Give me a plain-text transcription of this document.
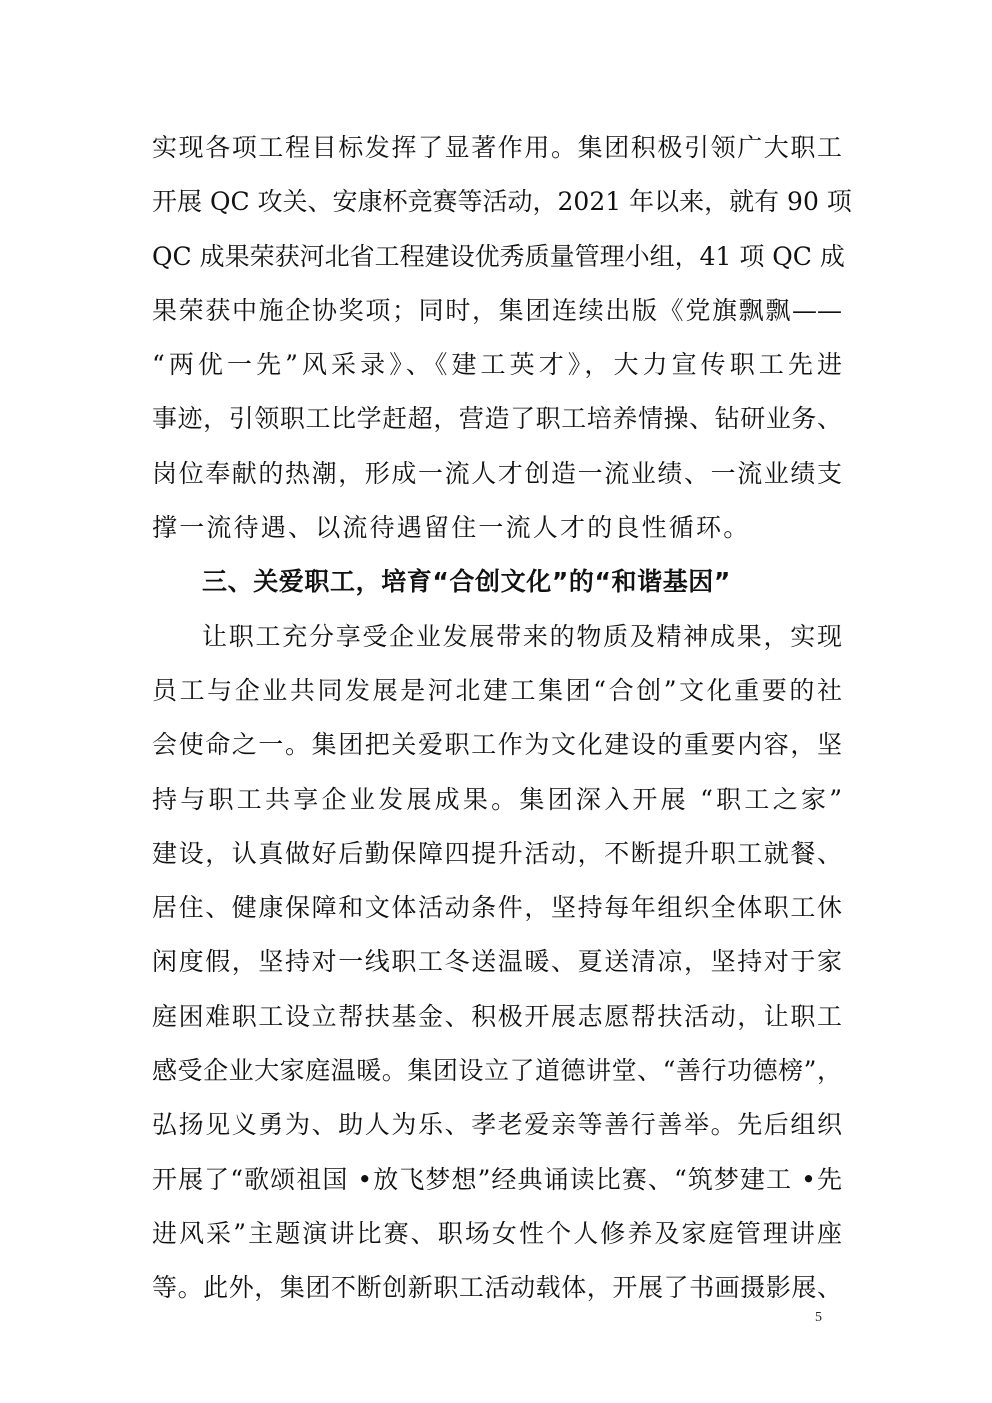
实现各项工程目标发挥了显著作用。集团积极引领广大职工
开展 QC 攻关、安康杯竞赛等活动，2021 年以来，就有 90 项
QC 成果荣获河北省工程建设优秀质量管理小组，41 项 QC 成
果荣获中施企协奖项；同时，集团连续出版《党旗飘飘——
“两优一先”风采录》、《建工英才》，大力宣传职工先进
事迹，引领职工比学赶超，营造了职工培养情操、钻研业务、
岗位奉献的热潮，形成一流人才创造一流业绩、一流业绩支
撑一流待遇、以流待遇留住一流人才的良性循环。
三、关爱职工，培育“合创文化”的“和谐基因”
让职工充分享受企业发展带来的物质及精神成果，实现
员工与企业共同发展是河北建工集团“合创”文化重要的社
会使命之一。集团把关爱职工作为文化建设的重要内容，坚
持与职工共享企业发展成果。集团深入开展 “职工之家”
建设，认真做好后勤保障四提升活动，不断提升职工就餐、
居住、健康保障和文体活动条件，坚持每年组织全体职工休
闲度假，坚持对一线职工冬送温暖、夏送清凉，坚持对于家
庭困难职工设立帮扶基金、积极开展志愿帮扶活动，让职工
感受企业大家庭温暖。集团设立了道德讲堂、“善行功德榜”，
弘扬见义勇为、助人为乐、孝老爱亲等善行善举。先后组织
开展了“歌颂祖国 •放飞梦想”经典诵读比赛、“筑梦建工 •先
进风采”主题演讲比赛、职场女性个人修养及家庭管理讲座
等。此外，集团不断创新职工活动载体，开展了书画摄影展、
5
